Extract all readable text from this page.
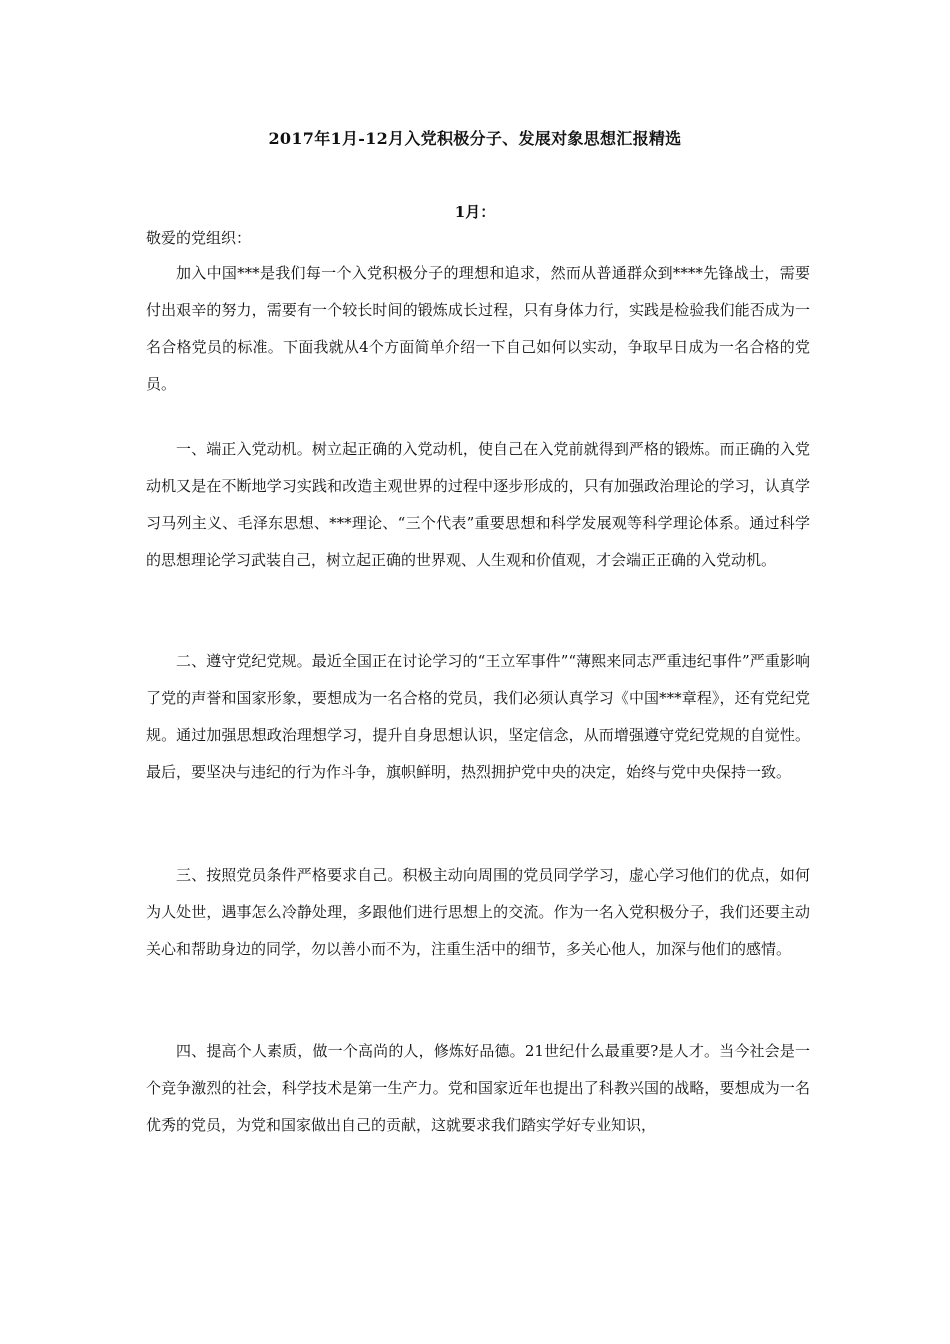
2017年1月-12月入党积极分子、发展对象思想汇报精选
1月：
敬爱的党组织：

加入中国***是我们每一个入党积极分子的理想和追求，然而从普通群众到****先锋战士，需要付出艰辛的努力，需要有一个较长时间的锻炼成长过程，只有身体力行，实践是检验我们能否成为一名合格党员的标准。下面我就从4个方面简单介绍一下自己如何以实动，争取早日成为一名合格的党员。

一、端正入党动机。树立起正确的入党动机，使自己在入党前就得到严格的锻炼。而正确的入党动机又是在不断地学习实践和改造主观世界的过程中逐步形成的，只有加强政治理论的学习，认真学习马列主义、毛泽东思想、***理论、“三个代表”重要思想和科学发展观等科学理论体系。通过科学的思想理论学习武装自己，树立起正确的世界观、人生观和价值观，才会端正正确的入党动机。

二、遵守党纪党规。最近全国正在讨论学习的“王立军事件”“薄熙来同志严重违纪事件”严重影响了党的声誉和国家形象，要想成为一名合格的党员，我们必须认真学习《中国***章程》，还有党纪党规。通过加强思想政治理想学习，提升自身思想认识，坚定信念，从而增强遵守党纪党规的自觉性。最后，要坚决与违纪的行为作斗争，旗帜鲜明，热烈拥护党中央的决定，始终与党中央保持一致。

三、按照党员条件严格要求自己。积极主动向周围的党员同学学习，虚心学习他们的优点，如何为人处世，遇事怎么冷静处理，多跟他们进行思想上的交流。作为一名入党积极分子，我们还要主动关心和帮助身边的同学，勿以善小而不为，注重生活中的细节，多关心他人，加深与他们的感情。

四、提高个人素质，做一个高尚的人，修炼好品德。21世纪什么最重要?是人才。当今社会是一个竞争激烈的社会，科学技术是第一生产力。党和国家近年也提出了科教兴国的战略，要想成为一名优秀的党员，为党和国家做出自己的贡献，这就要求我们踏实学好专业知识，
